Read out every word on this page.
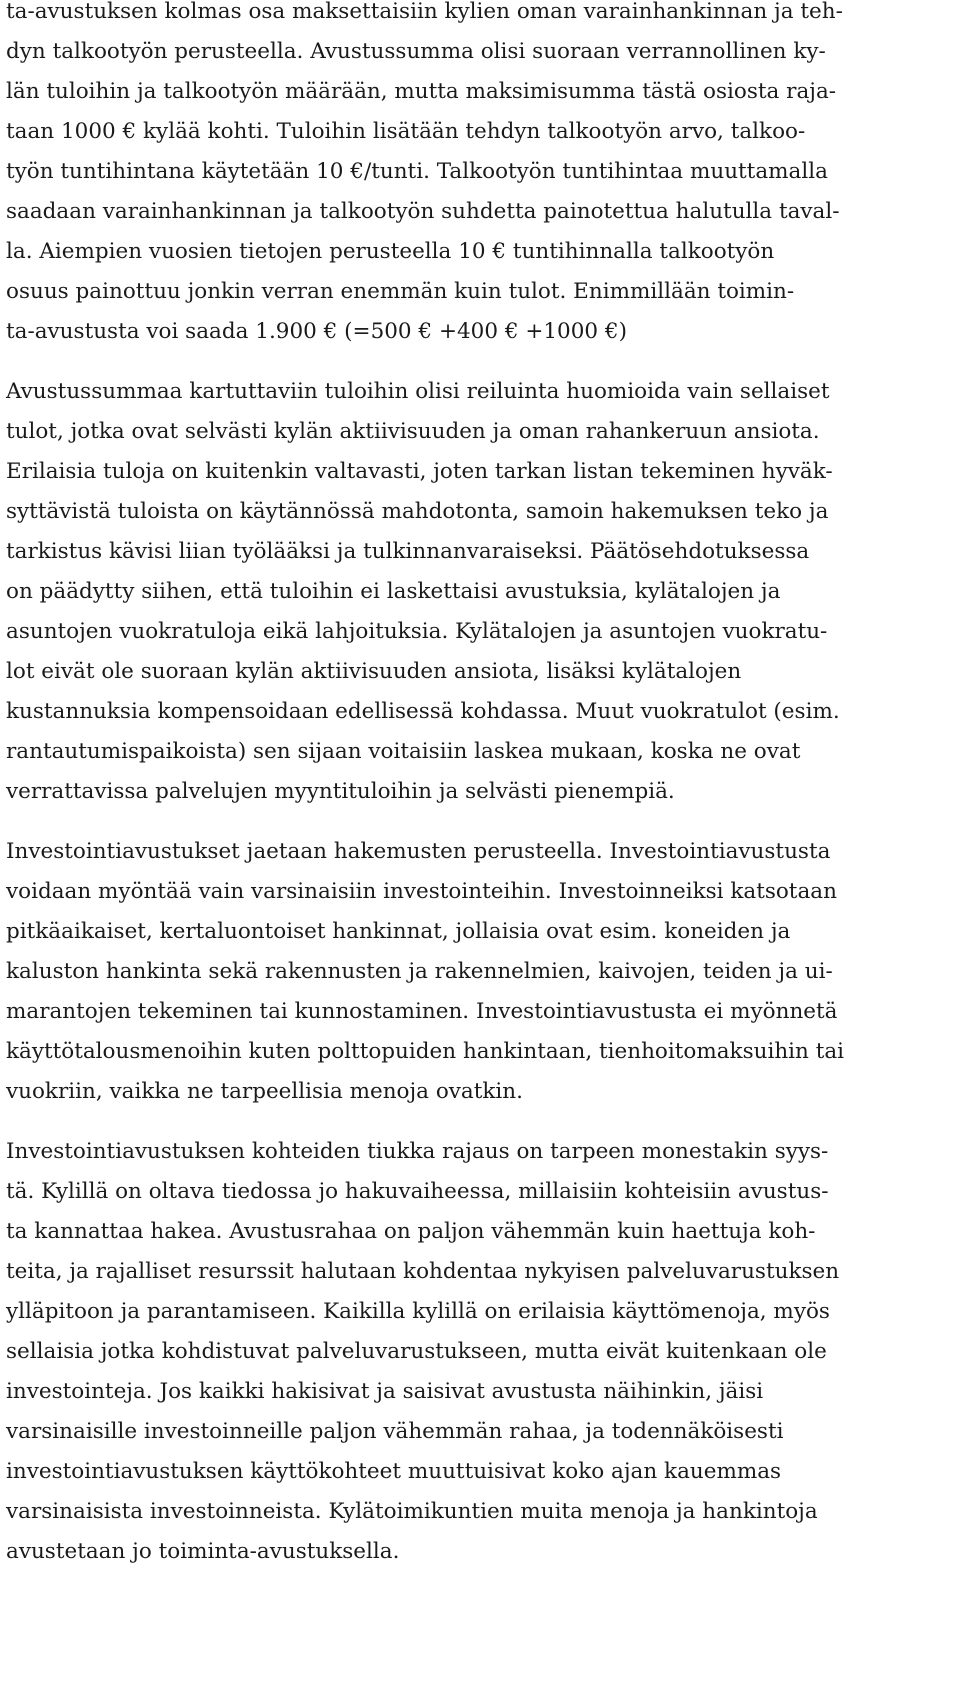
ta-avustuksen kolmas osa maksettaisiin kylien oman varainhankinnan ja teh-
dyn talkootyön perusteella. Avustussumma olisi suoraan verrannollinen ky-
län tuloihin ja talkootyön määrään, mutta maksimisumma tästä osiosta raja-
taan 1000 € kylää kohti. Tuloihin lisätään tehdyn talkootyön arvo, talkoo-
työn tuntihintana käytetään 10 €/tunti. Talkootyön tuntihintaa muuttamalla
saadaan varainhankinnan ja talkootyön suhdetta painotettua halutulla taval-
la. Aiempien vuosien tietojen perusteella 10 € tuntihinnalla talkootyön
osuus painottuu jonkin verran enemmän kuin tulot. Enimmillään toimin-
ta-avustusta voi saada 1.900 € (=500 € +400 € +1000 €)
Avustussummaa kartuttaviin tuloihin olisi reiluinta huomioida vain sellaiset
tulot, jotka ovat selvästi kylän aktiivisuuden ja oman rahankeruun ansiota.
Erilaisia tuloja on kuitenkin valtavasti, joten tarkan listan tekeminen hyväk-
syttävistä tuloista on käytännössä mahdotonta, samoin hakemuksen teko ja
tarkistus kävisi liian työlääksi ja tulkinnanvaraiseksi. Päätösehdotuksessa
on päädytty siihen, että tuloihin ei laskettaisi avustuksia, kylätalojen ja
asuntojen vuokratuloja eikä lahjoituksia. Kylätalojen ja asuntojen vuokratu-
lot eivät ole suoraan kylän aktiivisuuden ansiota, lisäksi kylätalojen
kustannuksia kompensoidaan edellisessä kohdassa. Muut vuokratulot (esim.
rantautumispaikoista) sen sijaan voitaisiin laskea mukaan, koska ne ovat
verrattavissa palvelujen myyntituloihin ja selvästi pienempiä.
Investointiavustukset jaetaan hakemusten perusteella. Investointiavustusta
voidaan myöntää vain varsinaisiin investointeihin. Investoinneiksi katsotaan
pitkäaikaiset, kertaluontoiset hankinnat, jollaisia ovat esim. koneiden ja
kaluston hankinta sekä rakennusten ja rakennelmien, kaivojen, teiden ja ui-
marantojen tekeminen tai kunnostaminen. Investointiavustusta ei myönnetä
käyttötalousmenoihin kuten polttopuiden hankintaan, tienhoitomaksuihin tai
vuokriin, vaikka ne tarpeellisia menoja ovatkin.
Investointiavustuksen kohteiden tiukka rajaus on tarpeen monestakin syys-
tä. Kylillä on oltava tiedossa jo hakuvaiheessa, millaisiin kohteisiin avustus-
ta kannattaa hakea. Avustusrahaa on paljon vähemmän kuin haettuja koh-
teita, ja rajalliset resurssit halutaan kohdentaa nykyisen palveluvarustuksen
ylläpitoon ja parantamiseen. Kaikilla kylillä on erilaisia käyttömenoja, myös
sellaisia jotka kohdistuvat palveluvarustukseen, mutta eivät kuitenkaan ole
investointeja. Jos kaikki hakisivat ja saisivat avustusta näihinkin, jäisi
varsinaisille investoinneille paljon vähemmän rahaa, ja todennäköisesti
investointiavustuksen käyttökohteet muuttuisivat koko ajan kauemmas
varsinaisista investoinneista. Kylätoimikuntien muita menoja ja hankintoja
avustetaan jo toiminta-avustuksella.
